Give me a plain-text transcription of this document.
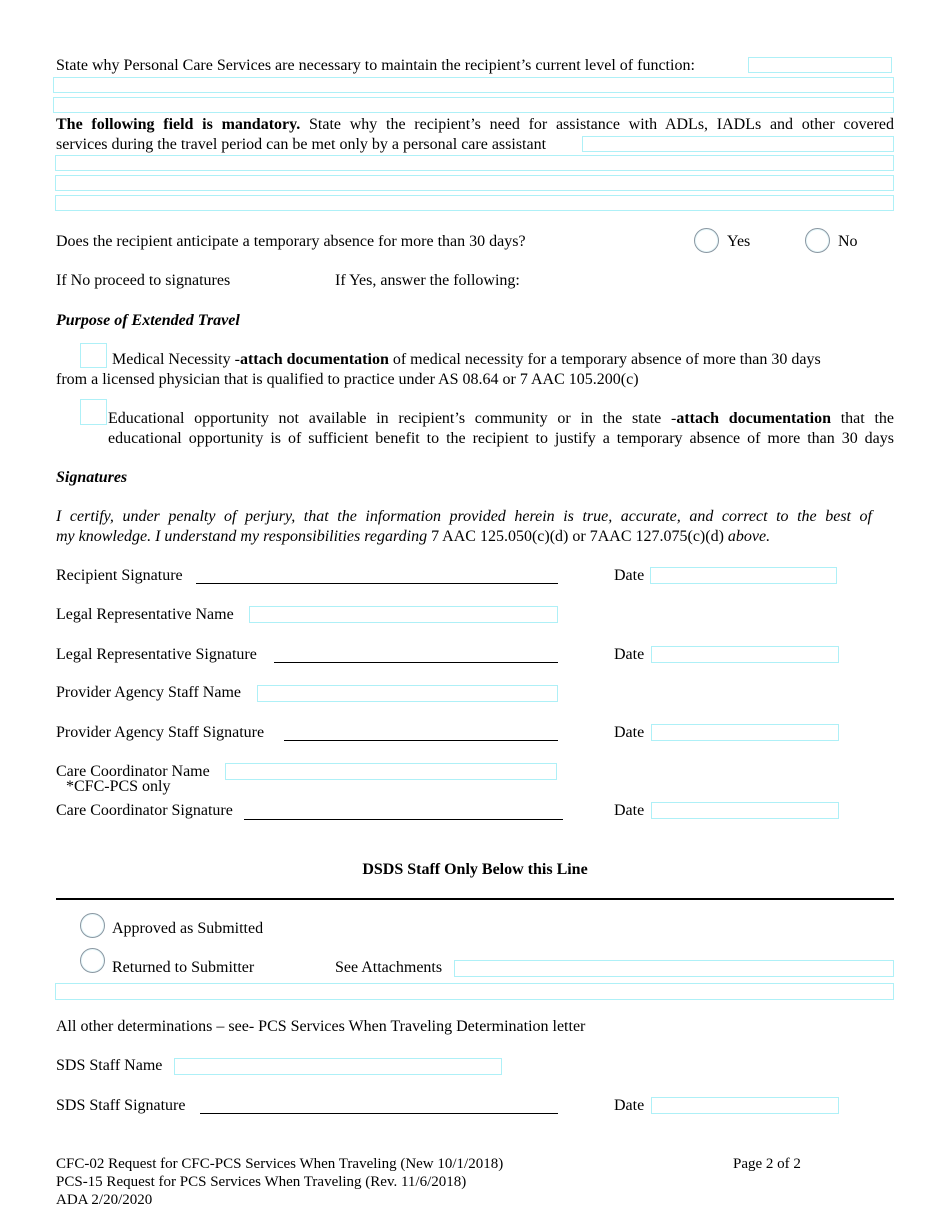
State why Personal Care Services are necessary to maintain the recipient’s current level of function:
The following field is mandatory. State why the recipient’s need for assistance with ADLs, IADLs and other covered
services during the travel period can be met only by a personal care assistant
Does the recipient anticipate a temporary absence for more than 30 days?	Yes	No
If No proceed to signatures	If Yes, answer the following:
Purpose of Extended Travel
Medical Necessity -attach documentation of medical necessity for a temporary absence of more than 30 days
from a licensed physician that is qualified to practice under AS 08.64 or 7 AAC 105.200(c)
Educational opportunity not available in recipient’s community or in the state -attach documentation that the
educational opportunity is of sufficient benefit to the recipient to justify a temporary absence of more than 30 days
Signatures
I certify, under penalty of perjury, that the information provided herein is true, accurate, and correct to the best of
my knowledge. I understand my responsibilities regarding 7 AAC 125.050(c)(d) or 7AAC 127.075(c)(d) above.
Recipient Signature	Date
Legal Representative Name
Legal Representative Signature	Date
Provider Agency Staff Name
Provider Agency Staff Signature	Date
Care Coordinator Name
*CFC-PCS only
Care Coordinator Signature	Date
DSDS Staff Only Below this Line
Approved as Submitted
Returned to Submitter	See Attachments
All other determinations – see- PCS Services When Traveling Determination letter
SDS Staff Name
SDS Staff Signature	Date
CFC-02 Request for CFC-PCS Services When Traveling (New 10/1/2018)
PCS-15 Request for PCS Services When Traveling (Rev. 11/6/2018)
ADA 2/20/2020
Page 2 of 2
